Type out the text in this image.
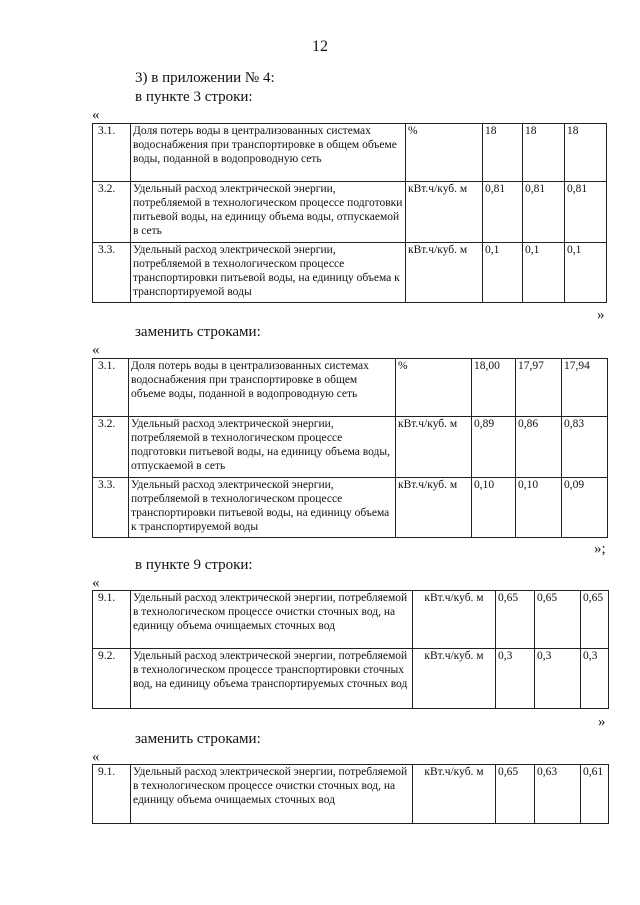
12
3) в приложении № 4:
в пункте 3 строки:
«
3.1.	Доля потерь воды в централизованных системах водоснабжения при транспортировке в общем объеме воды, поданной в водопроводную сеть	%	18	18	18
3.2.	Удельный расход электрической энергии, потребляемой в технологическом процессе подготовки питьевой воды, на единицу объема воды, отпускаемой в сеть	кВт.ч/куб. м	0,81	0,81	0,81
3.3.	Удельный расход электрической энергии, потребляемой в технологическом процессе транспортировки питьевой воды, на единицу объема к транспортируемой воды	кВт.ч/куб. м	0,1	0,1	0,1
»
заменить строками:
«
3.1.	Доля потерь воды в централизованных системах водоснабжения при транспортировке в общем объеме воды, поданной в водопроводную сеть	%	18,00	17,97	17,94
3.2.	Удельный расход электрической энергии, потребляемой в технологическом процессе подготовки питьевой воды, на единицу объема воды, отпускаемой в сеть	кВт.ч/куб. м	0,89	0,86	0,83
3.3.	Удельный расход электрической энергии, потребляемой в технологическом процессе транспортировки питьевой воды, на единицу объема к транспортируемой воды	кВт.ч/куб. м	0,10	0,10	0,09
»;
в пункте 9 строки:
«
9.1.	Удельный расход электрической энергии, потребляемой в технологическом процессе очистки сточных вод, на единицу объема очищаемых сточных вод	кВт.ч/куб. м	0,65	0,65	0,65
9.2.	Удельный расход электрической энергии, потребляемой в технологическом процессе транспортировки сточных вод, на единицу объема транспортируемых сточных вод	кВт.ч/куб. м	0,3	0,3	0,3
»
заменить строками:
«
9.1.	Удельный расход электрической энергии, потребляемой в технологическом процессе очистки сточных вод, на единицу объема очищаемых сточных вод	кВт.ч/куб. м	0,65	0,63	0,61
